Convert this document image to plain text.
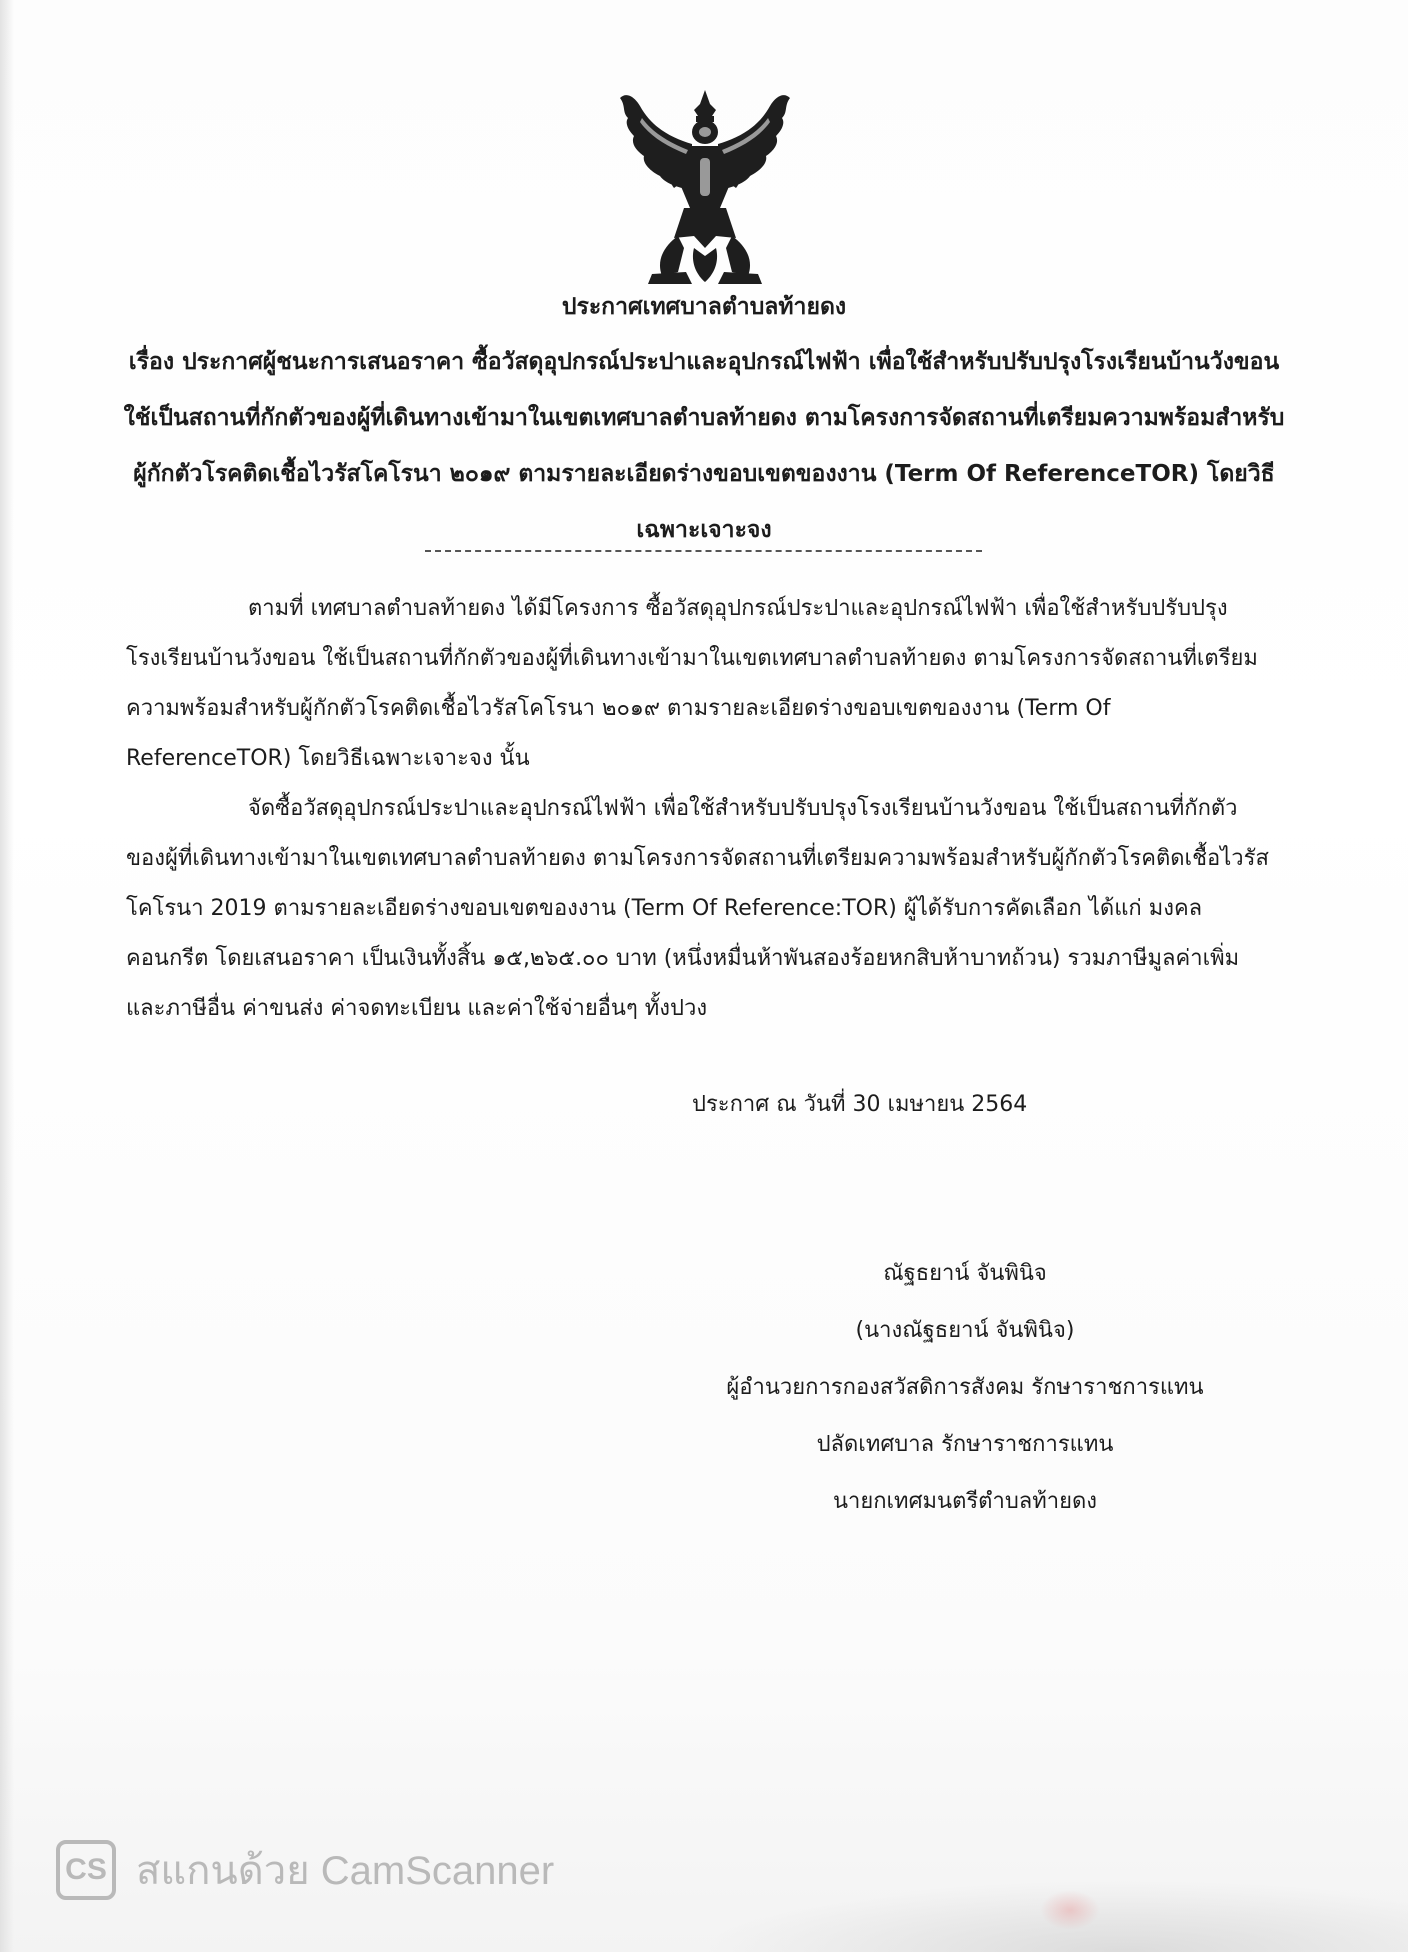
ประกาศเทศบาลตำบลท้ายดง
เรื่อง ประกาศผู้ชนะการเสนอราคา ซื้อวัสดุอุปกรณ์ประปาและอุปกรณ์ไฟฟ้า เพื่อใช้สำหรับปรับปรุงโรงเรียนบ้านวังขอน ใช้เป็นสถานที่กักตัวของผู้ที่เดินทางเข้ามาในเขตเทศบาลตำบลท้ายดง ตามโครงการจัดสถานที่เตรียมความพร้อมสำหรับผู้กักตัวโรคติดเชื้อไวรัสโคโรนา ๒๐๑๙ ตามรายละเอียดร่างขอบเขตของงาน (Term Of ReferenceTOR) โดยวิธีเฉพาะเจาะจง

ตามที่ เทศบาลตำบลท้ายดง ได้มีโครงการ ซื้อวัสดุอุปกรณ์ประปาและอุปกรณ์ไฟฟ้า เพื่อใช้สำหรับปรับปรุงโรงเรียนบ้านวังขอน ใช้เป็นสถานที่กักตัวของผู้ที่เดินทางเข้ามาในเขตเทศบาลตำบลท้ายดง ตามโครงการจัดสถานที่เตรียมความพร้อมสำหรับผู้กักตัวโรคติดเชื้อไวรัสโคโรนา ๒๐๑๙ ตามรายละเอียดร่างขอบเขตของงาน (Term Of ReferenceTOR) โดยวิธีเฉพาะเจาะจง นั้น

จัดซื้อวัสดุอุปกรณ์ประปาและอุปกรณ์ไฟฟ้า เพื่อใช้สำหรับปรับปรุงโรงเรียนบ้านวังขอน ใช้เป็นสถานที่กักตัวของผู้ที่เดินทางเข้ามาในเขตเทศบาลตำบลท้ายดง ตามโครงการจัดสถานที่เตรียมความพร้อมสำหรับผู้กักตัวโรคติดเชื้อไวรัสโคโรนา 2019 ตามรายละเอียดร่างขอบเขตของงาน (Term Of Reference:TOR) ผู้ได้รับการคัดเลือก ได้แก่ มงคลคอนกรีต โดยเสนอราคา เป็นเงินทั้งสิ้น ๑๕,๒๖๕.๐๐ บาท (หนึ่งหมื่นห้าพันสองร้อยหกสิบห้าบาทถ้วน) รวมภาษีมูลค่าเพิ่มและภาษีอื่น ค่าขนส่ง ค่าจดทะเบียน และค่าใช้จ่ายอื่นๆ ทั้งปวง

ประกาศ ณ วันที่ 30 เมษายน 2564
ณัฐธยาน์ จันพินิจ
(นางณัฐธยาน์ จันพินิจ)
ผู้อำนวยการกองสวัสดิการสังคม รักษาราชการแทน
ปลัดเทศบาล รักษาราชการแทน
นายกเทศมนตรีตำบลท้ายดง
CS สแกนด้วย CamScanner
